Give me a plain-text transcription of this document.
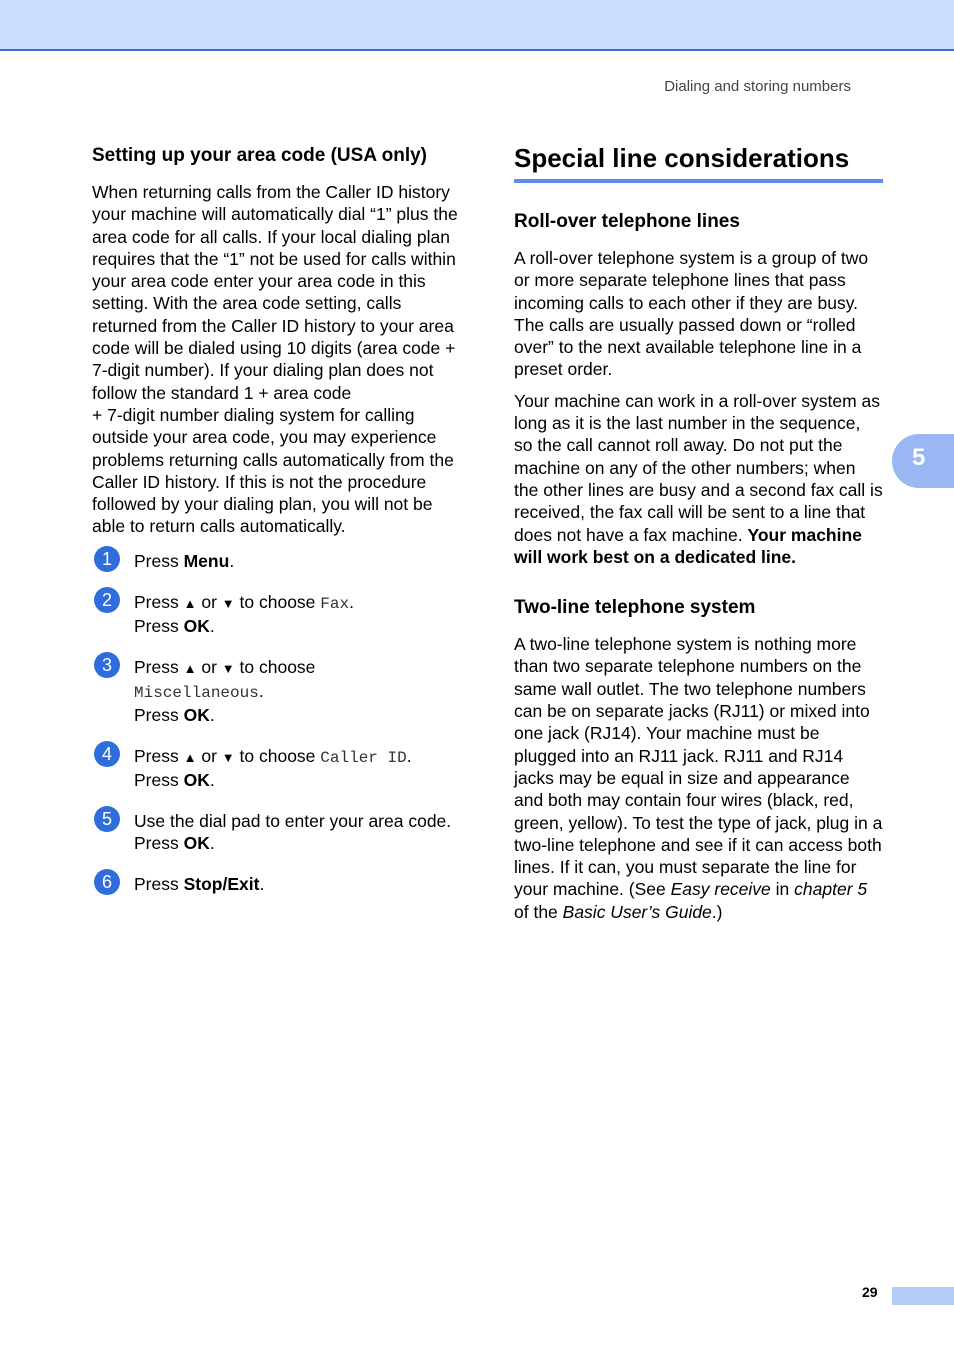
Dialing and storing numbers
5
Setting up your area code (USA only)

When returning calls from the Caller ID history your machine will automatically dial “1” plus the area code for all calls. If your local dialing plan requires that the “1” not be used for calls within your area code enter your area code in this setting. With the area code setting, calls returned from the Caller ID history to your area code will be dialed using 10 digits (area code + 7-digit number). If your dialing plan does not follow the standard 1 + area code
+ 7-digit number dialing system for calling outside your area code, you may experience problems returning calls automatically from the Caller ID history. If this is not the procedure followed by your dialing plan, you will not be able to return calls automatically.

1	Press Menu.
2	Press ▲ or ▼ to choose Fax.
Press OK.
3	Press ▲ or ▼ to choose
Miscellaneous.
Press OK.
4	Press ▲ or ▼ to choose Caller ID.
Press OK.
5	Use the dial pad to enter your area code.
Press OK.
6	Press Stop/Exit.
Special line considerations
Roll-over telephone lines

A roll-over telephone system is a group of two or more separate telephone lines that pass incoming calls to each other if they are busy. The calls are usually passed down or “rolled over” to the next available telephone line in a preset order.

Your machine can work in a roll-over system as long as it is the last number in the sequence, so the call cannot roll away. Do not put the machine on any of the other numbers; when the other lines are busy and a second fax call is received, the fax call will be sent to a line that does not have a fax machine. Your machine will work best on a dedicated line.

Two-line telephone system

A two-line telephone system is nothing more than two separate telephone numbers on the same wall outlet. The two telephone numbers can be on separate jacks (RJ11) or mixed into one jack (RJ14). Your machine must be plugged into an RJ11 jack. RJ11 and RJ14 jacks may be equal in size and appearance and both may contain four wires (black, red, green, yellow). To test the type of jack, plug in a two-line telephone and see if it can access both lines. If it can, you must separate the line for your machine. (See Easy receive in chapter 5 of the Basic User’s Guide.)

29
